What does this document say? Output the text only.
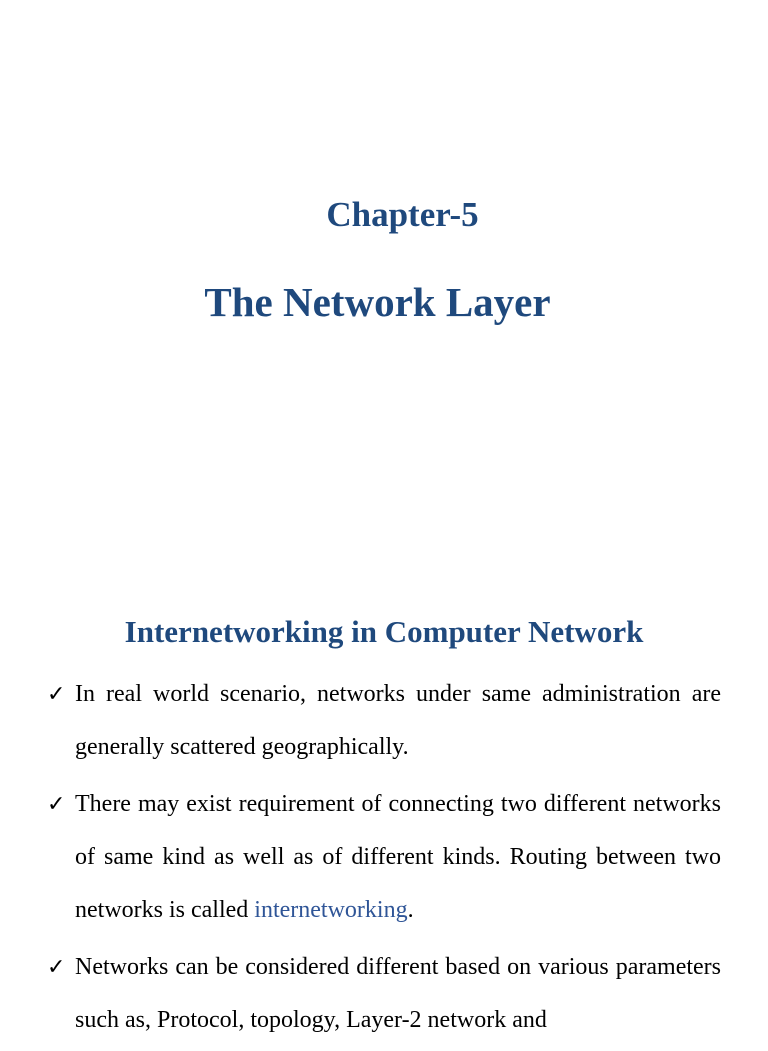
Chapter-5
The Network Layer
Internetworking in Computer Network
✓ In real world scenario, networks under same administration are generally scattered geographically.

✓ There may exist requirement of connecting two different networks of same kind as well as of different kinds. Routing between two networks is called internetworking.

✓ Networks can be considered different based on various parameters such as, Protocol, topology, Layer-2 network and
